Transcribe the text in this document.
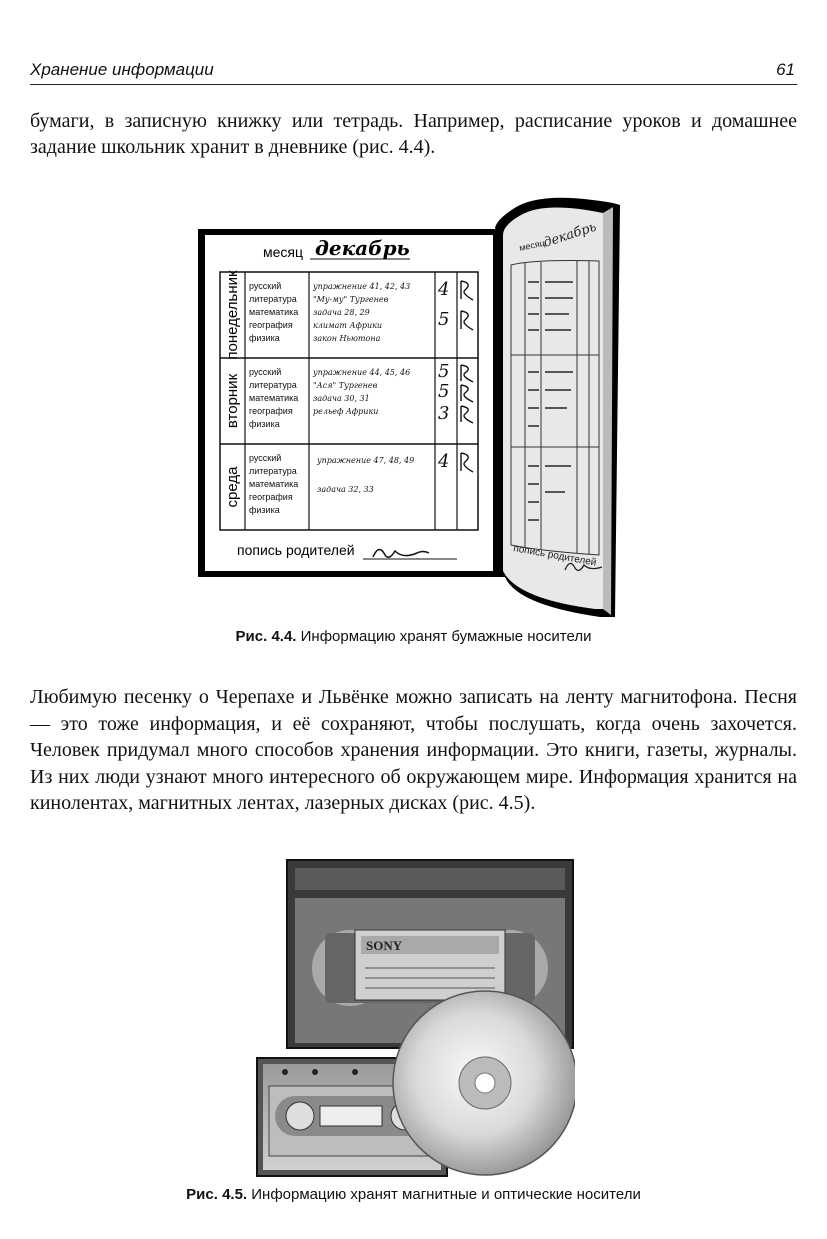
Хранение информации	61
бумаги, в записную книжку или тетрадь. Например, расписание уроков и домашнее задание школьник хранит в дневнике (рис. 4.4).
месяц декабрь
понедельник
вторник
среда
русский
литература
математика
география
физика
русский
литература
математика
география
физика
русский
литература
математика
география
физика
упражнение 41, 42, 43
"Му-му" Тургенев
задача 28, 29
климат Африки
закон Ньютона
упражнение 44, 45, 46
"Ася" Тургенев
задача 30, 31
рельеф Африки
упражнение 47, 48, 49
задача 32, 33
4
5
5
5
3
4
попись родителей
месяц
декабрь
попись родителей
Рис. 4.4. Информацию хранят бумажные носители
Любимую песенку о Черепахе и Львёнке можно записать на ленту магнитофона. Песня — это тоже информация, и её сохраняют, чтобы послушать, когда очень захочется. Человек придумал много способов хранения информации. Это книги, газеты, журналы. Из них люди узнают много интересного об окружающем мире. Информация хранится на кинолентах, магнитных лентах, лазерных дисках (рис. 4.5).
SONY
Рис. 4.5. Информацию хранят магнитные и оптические носители
